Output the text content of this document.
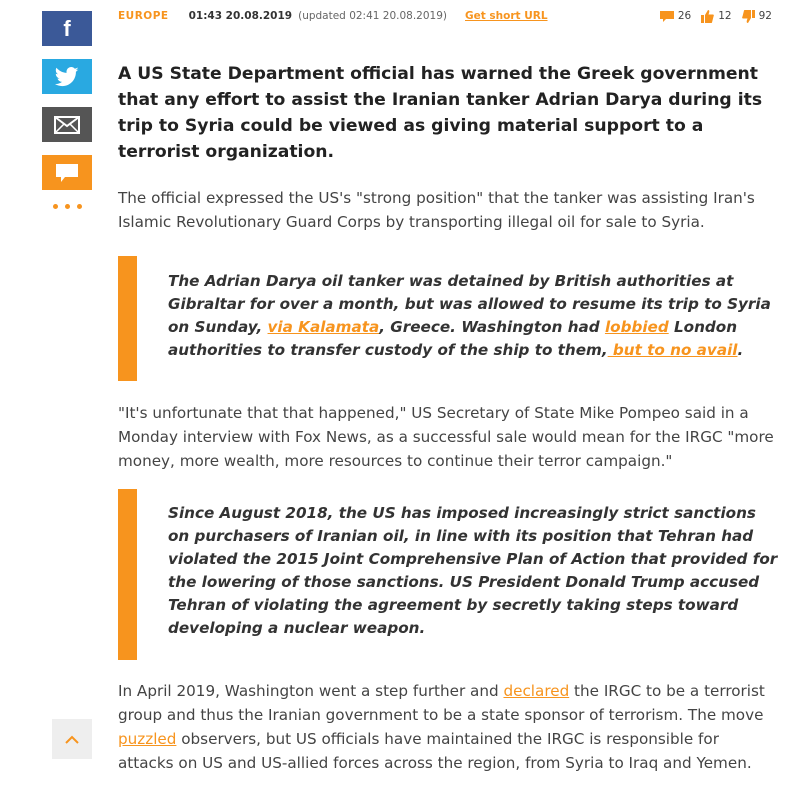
f	EUROPE 01:43 20.08.2019 (updated 02:41 20.08.2019) Get short URL	26	12	92

A US State Department official has warned the Greek government that any effort to assist the Iranian tanker Adrian Darya during its trip to Syria could be viewed as giving material support to a terrorist organization.

The official expressed the US's "strong position" that the tanker was assisting Iran's Islamic Revolutionary Guard Corps by transporting illegal oil for sale to Syria.

The Adrian Darya oil tanker was detained by British authorities at Gibraltar for over a month, but was allowed to resume its trip to Syria on Sunday, via Kalamata, Greece. Washington had lobbied London authorities to transfer custody of the ship to them, but to no avail.

"It's unfortunate that that happened," US Secretary of State Mike Pompeo said in a Monday interview with Fox News, as a successful sale would mean for the IRGC "more money, more wealth, more resources to continue their terror campaign."

Since August 2018, the US has imposed increasingly strict sanctions on purchasers of Iranian oil, in line with its position that Tehran had violated the 2015 Joint Comprehensive Plan of Action that provided for the lowering of those sanctions. US President Donald Trump accused Tehran of violating the agreement by secretly taking steps toward developing a nuclear weapon.

In April 2019, Washington went a step further and declared the IRGC to be a terrorist group and thus the Iranian government to be a state sponsor of terrorism. The move puzzled observers, but US officials have maintained the IRGC is responsible for attacks on US and US-allied forces across the region, from Syria to Iraq and Yemen.
